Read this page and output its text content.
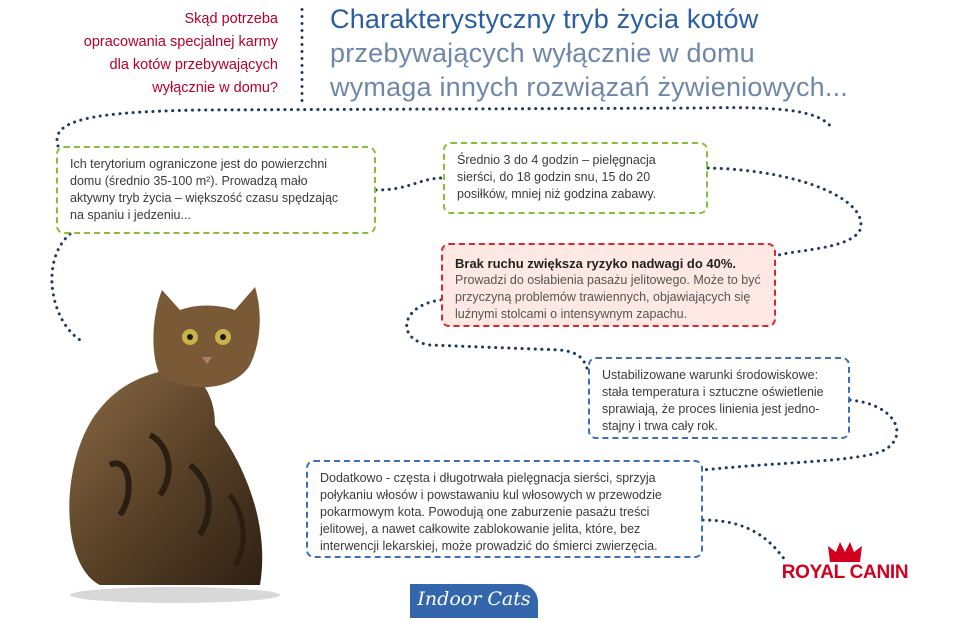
Skąd potrzeba
opracowania specjalnej karmy
dla kotów przebywających
wyłącznie w domu?
Charakterystyczny tryb życia kotów
przebywających wyłącznie w domu
wymaga innych rozwiązań żywieniowych...
Ich terytorium ograniczone jest do powierzchni
domu (średnio 35-100 m²). Prowadzą mało
aktywny tryb życia – większość czasu spędzając
na spaniu i jedzeniu...
Średnio 3 do 4 godzin – pielęgnacja
sierści, do 18 godzin snu, 15 do 20
posiłków, mniej niż godzina zabawy.
Brak ruchu zwiększa ryzyko nadwagi do 40%.
Prowadzi do osłabienia pasażu jelitowego. Może to być
przyczyną problemów trawiennych, objawiających się
luźnymi stolcami o intensywnym zapachu.
Ustabilizowane warunki środowiskowe:
stała temperatura i sztuczne oświetlenie
sprawiają, że proces linienia jest jedno-
stajny i trwa cały rok.
Dodatkowo - częsta i długotrwała pielęgnacja sierści, sprzyja
połykaniu włosów i powstawaniu kul włosowych w przewodzie
pokarmowym kota. Powodują one zaburzenie pasażu treści
jelitowej, a nawet całkowite zablokowanie jelita, które, bez
interwencji lekarskiej, może prowadzić do śmierci zwierzęcia.
Indoor Cats
ROYAL CANIN
